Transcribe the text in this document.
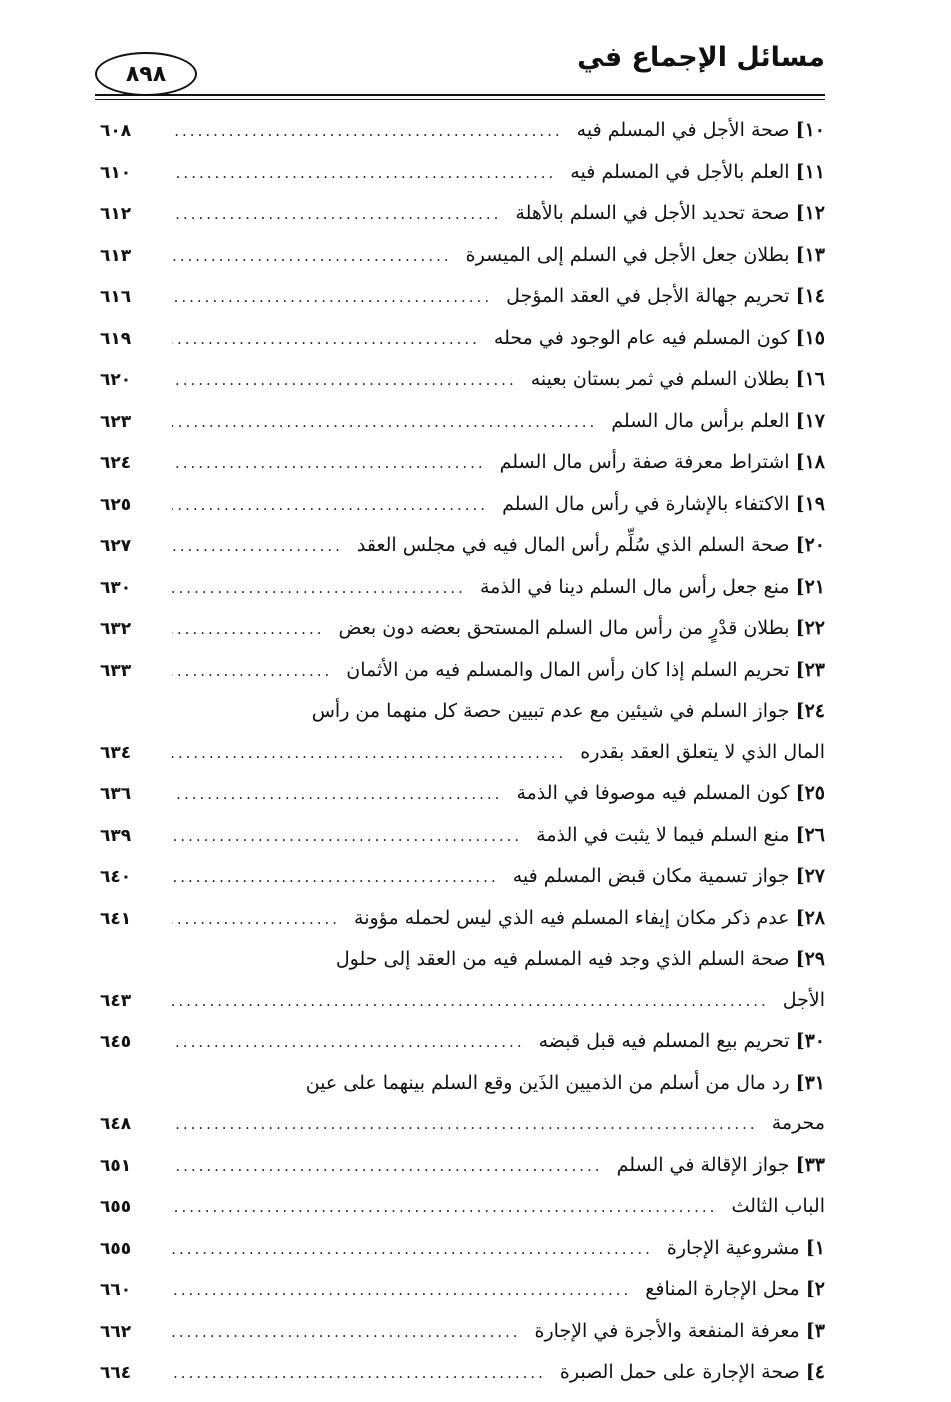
مسائل الإجماع في
٨٩٨
١٠] صحة الأجل في المسلم فيه
.....
٦٠٨
١١] العلم بالأجل في المسلم فيه
.....
٦١٠
١٢] صحة تحديد الأجل في السلم بالأهلة
.....
٦١٢
١٣] بطلان جعل الأجل في السلم إلى الميسرة
.....
٦١٣
١٤] تحريم جهالة الأجل في العقد المؤجل
.....
٦١٦
١٥] كون المسلم فيه عام الوجود في محله
.....
٦١٩
١٦] بطلان السلم في ثمر بستان بعينه
.....
٦٢٠
١٧] العلم برأس مال السلم
.....
٦٢٣
١٨] اشتراط معرفة صفة رأس مال السلم
.....
٦٢٤
١٩] الاكتفاء بالإشارة في رأس مال السلم
.....
٦٢٥
٢٠] صحة السلم الذي سُلِّم رأس المال فيه في مجلس العقد
.....
٦٢٧
٢١] منع جعل رأس مال السلم دينا في الذمة
.....
٦٣٠
٢٢] بطلان قدْرٍ من رأس مال السلم المستحق بعضه دون بعض
.....
٦٣٢
٢٣] تحريم السلم إذا كان رأس المال والمسلم فيه من الأثمان
.....
٦٣٣
٢٤] جواز السلم في شيئين مع عدم تبيين حصة كل منهما من رأس
المال الذي لا يتعلق العقد بقدره
.....
٦٣٤
٢٥] كون المسلم فيه موصوفا في الذمة
.....
٦٣٦
٢٦] منع السلم فيما لا يثبت في الذمة
.....
٦٣٩
٢٧] جواز تسمية مكان قبض المسلم فيه
.....
٦٤٠
٢٨] عدم ذكر مكان إيفاء المسلم فيه الذي ليس لحمله مؤونة
.....
٦٤١
٢٩] صحة السلم الذي وجد فيه المسلم فيه من العقد إلى حلول
الأجل
.....
٦٤٣
٣٠] تحريم بيع المسلم فيه قبل قبضه
.....
٦٤٥
٣١] رد مال من أسلم من الذميين الذَين وقع السلم بينهما على عين
محرمة
.....
٦٤٨
٣٣] جواز الإقالة في السلم
.....
٦٥١
الباب الثالث
.....
٦٥٥
١] مشروعية الإجارة
.....
٦٥٥
٢] محل الإجارة المنافع
.....
٦٦٠
٣] معرفة المنفعة والأجرة في الإجارة
.....
٦٦٢
٤] صحة الإجارة على حمل الصبرة
.....
٦٦٤
